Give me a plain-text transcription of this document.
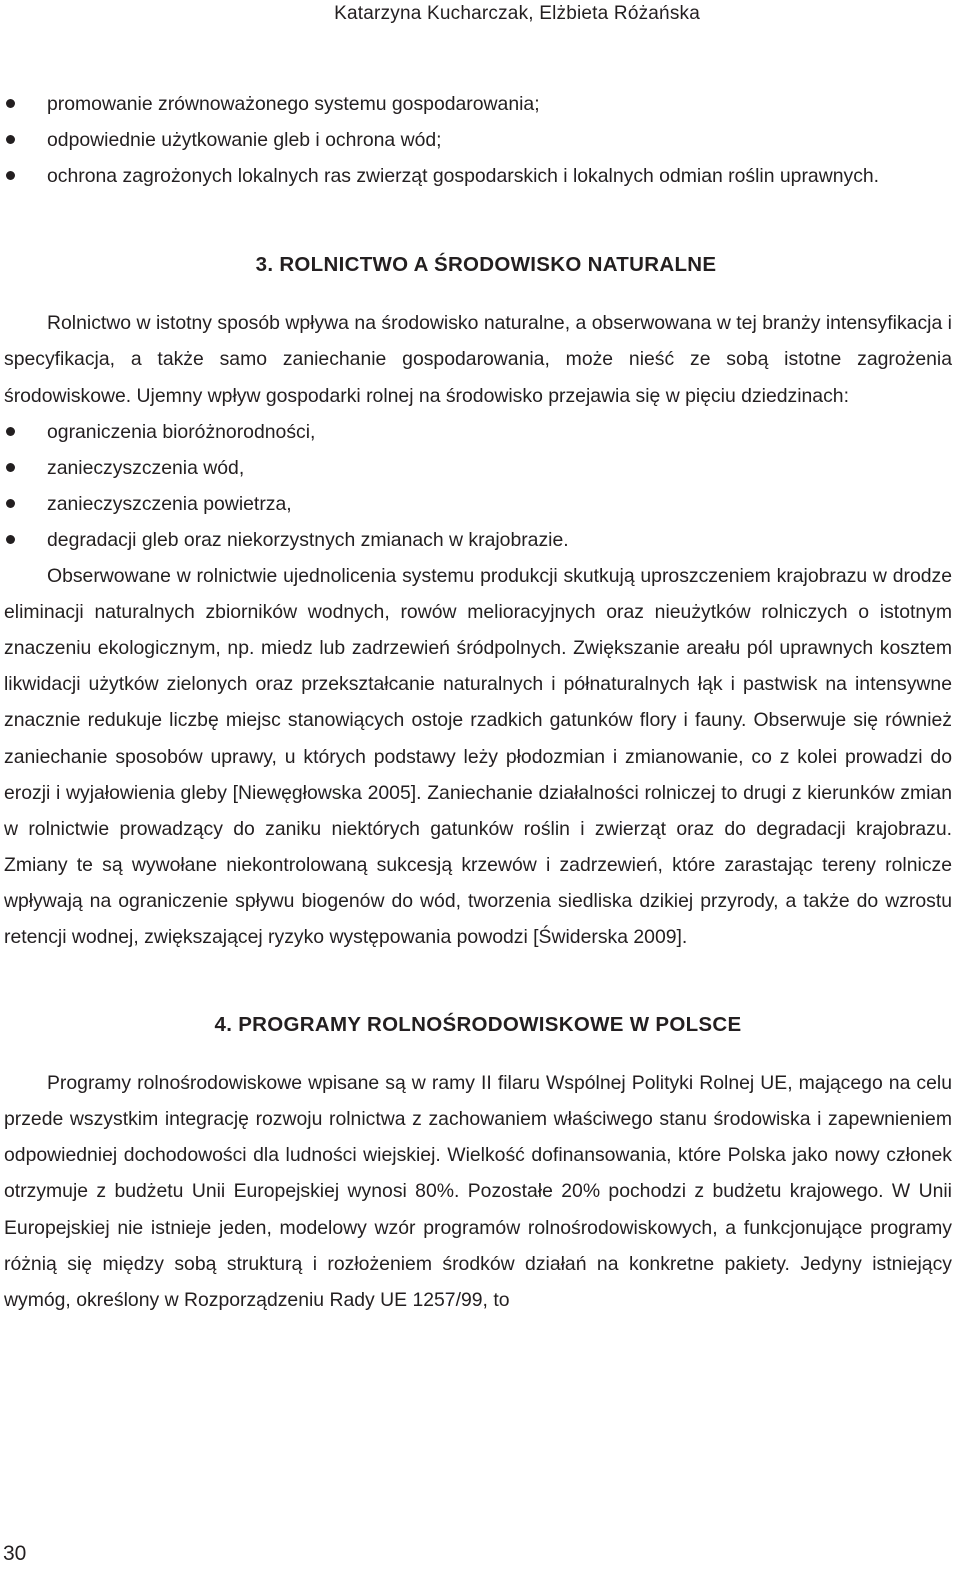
Katarzyna Kucharczak, Elżbieta Różańska
promowanie zrównoważonego systemu gospodarowania;
odpowiednie użytkowanie gleb i ochrona wód;
ochrona zagrożonych lokalnych ras zwierząt gospodarskich i lokalnych odmian roślin uprawnych.
3. ROLNICTWO A ŚRODOWISKO NATURALNE

Rolnictwo w istotny sposób wpływa na środowisko naturalne, a obserwowana w tej branży intensyfikacja i specyfikacja, a także samo zaniechanie gospodarowania, może nieść ze sobą istotne zagrożenia środowiskowe. Ujemny wpływ gospodarki rolnej na środowisko przejawia się w pięciu dziedzinach:

ograniczenia bioróżnorodności,
zanieczyszczenia wód,
zanieczyszczenia powietrza,
degradacji gleb oraz niekorzystnych zmianach w krajobrazie.

Obserwowane w rolnictwie ujednolicenia systemu produkcji skutkują uproszczeniem krajobrazu w drodze eliminacji naturalnych zbiorników wodnych, rowów melioracyjnych oraz nieużytków rolniczych o istotnym znaczeniu ekologicznym, np. miedz lub zadrzewień śródpolnych. Zwiększanie areału pól uprawnych kosztem likwidacji użytków zielonych oraz przekształcanie naturalnych i półnaturalnych łąk i pastwisk na intensywne znacznie redukuje liczbę miejsc stanowiących ostoje rzadkich gatunków flory i fauny. Obserwuje się również zaniechanie sposobów uprawy, u których podstawy leży płodozmian i zmianowanie, co z kolei prowadzi do erozji i wyjałowienia gleby [Niewęgłowska 2005]. Zaniechanie działalności rolniczej to drugi z kierunków zmian w rolnictwie prowadzący do zaniku niektórych gatunków roślin i zwierząt oraz do degradacji krajobrazu. Zmiany te są wywołane niekontrolowaną sukcesją krzewów i zadrzewień, które zarastając tereny rolnicze wpływają na ograniczenie spływu biogenów do wód, tworzenia siedliska dzikiej przyrody, a także do wzrostu retencji wodnej, zwiększającej ryzyko występowania powodzi [Świderska 2009].

4. PROGRAMY ROLNOŚRODOWISKOWE W POLSCE

Programy rolnośrodowiskowe wpisane są w ramy II filaru Wspólnej Polityki Rolnej UE, mającego na celu przede wszystkim integrację rozwoju rolnictwa z zachowaniem właściwego stanu środowiska i zapewnieniem odpowiedniej dochodowości dla ludności wiejskiej. Wielkość dofinansowania, które Polska jako nowy członek otrzymuje z budżetu Unii Europejskiej wynosi 80%. Pozostałe 20% pochodzi z budżetu krajowego. W Unii Europejskiej nie istnieje jeden, modelowy wzór programów rolnośrodowiskowych, a funkcjonujące programy różnią się między sobą strukturą i rozłożeniem środków działań na konkretne pakiety. Jedyny istniejący wymóg, określony w Rozporządzeniu Rady UE 1257/99, to

30
